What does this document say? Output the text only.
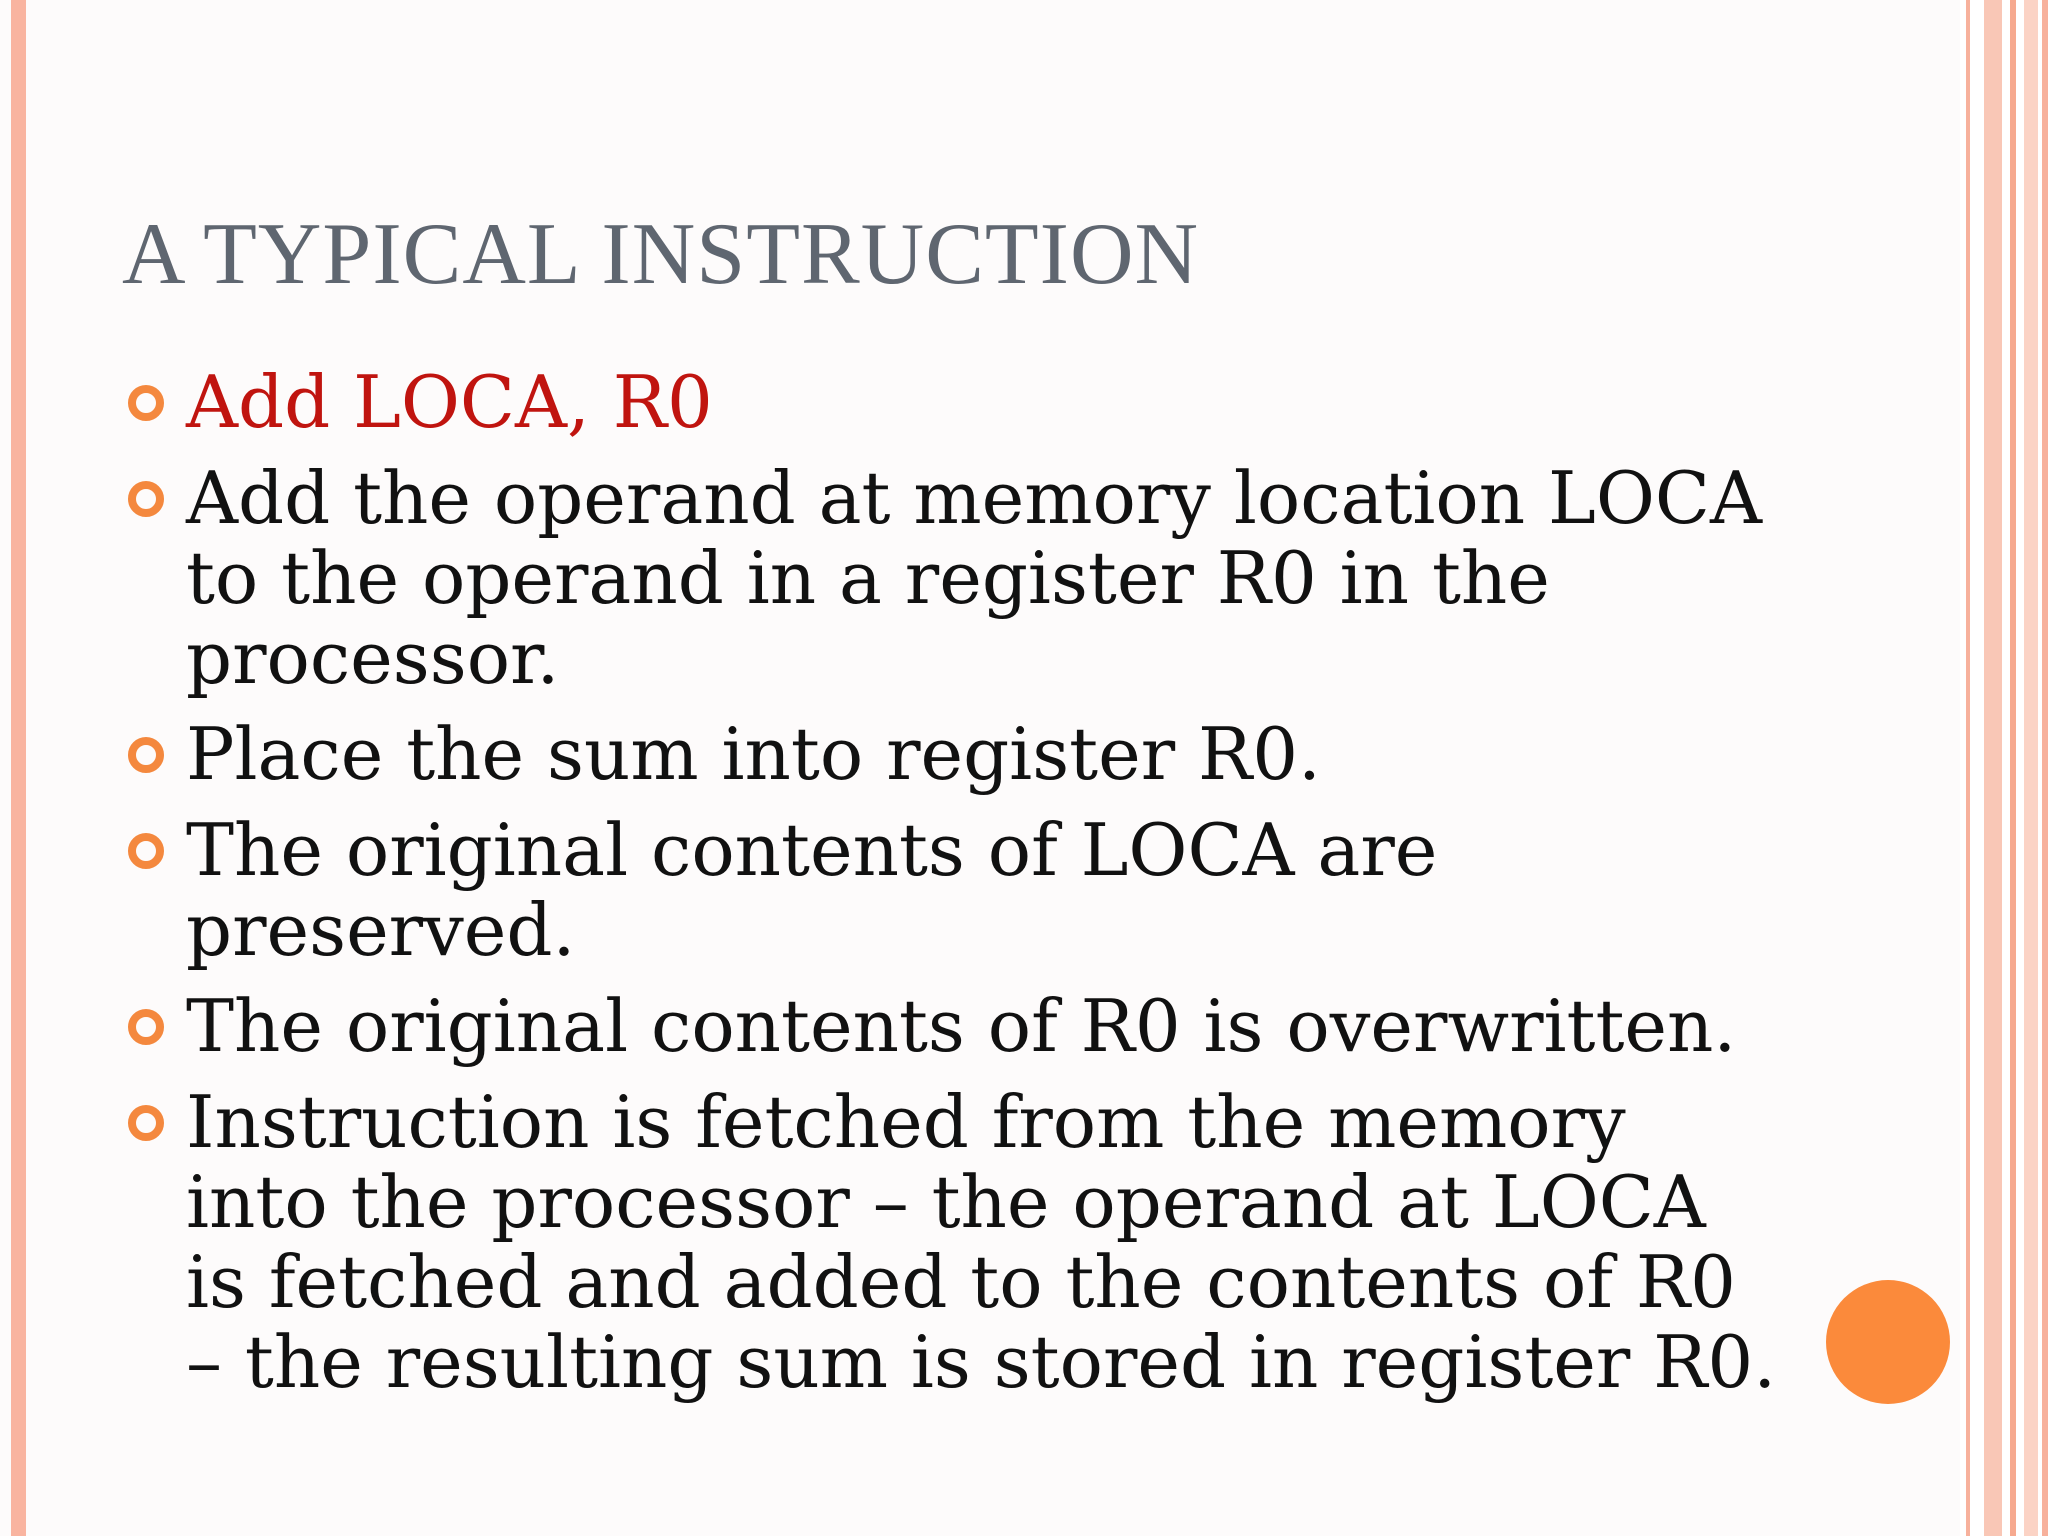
A TYPICAL INSTRUCTION
Add LOCA, R0
Add the operand at memory location LOCA to the operand in a register R0 in the processor.
Place the sum into register R0.
The original contents of LOCA are preserved.
The original contents of R0 is overwritten.
Instruction is fetched from the memory into the processor – the operand at LOCA is fetched and added to the contents of R0 – the resulting sum is stored in register R0.
